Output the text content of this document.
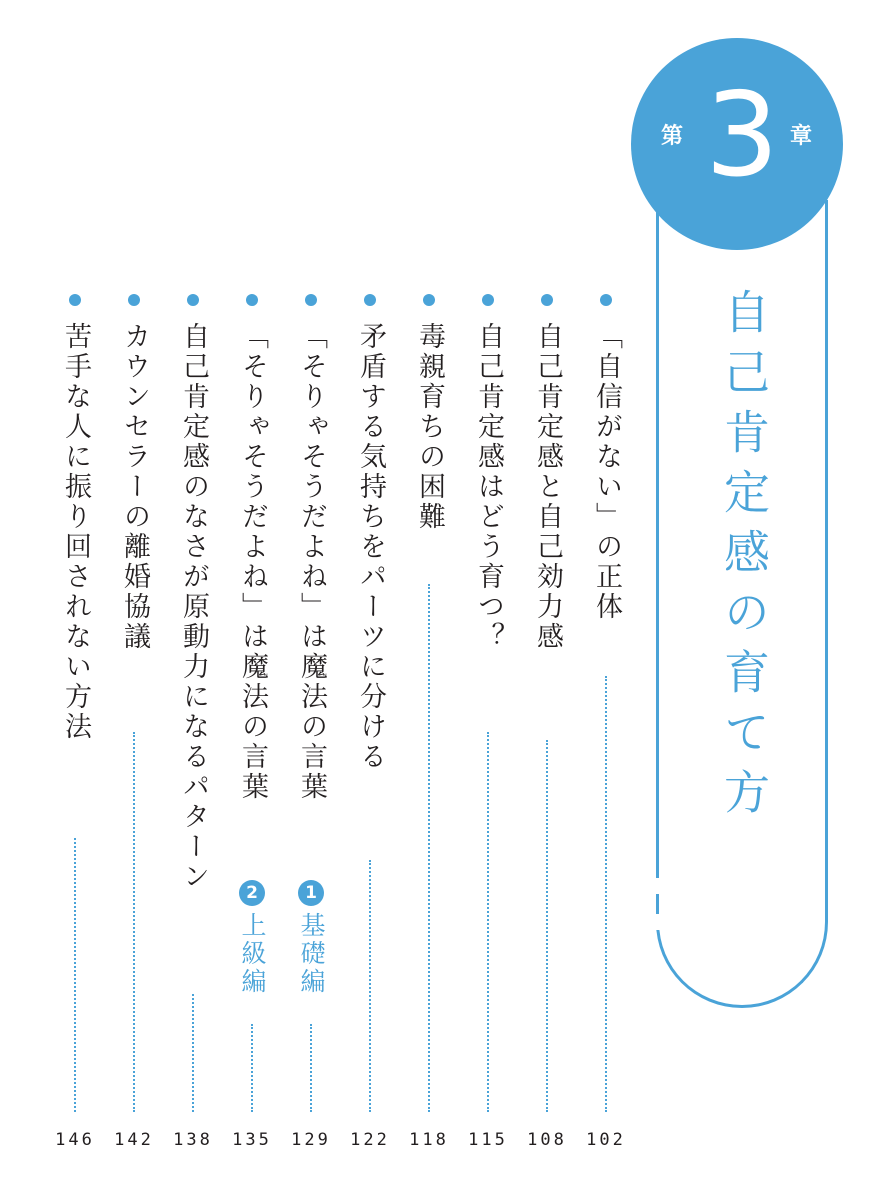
第 3 章
自己肯定感の育て方
「自信がない」の正体
102
自己肯定感と自己効力感
108
自己肯定感はどう育つ？
115
毒親育ちの困難
118
矛盾する気持ちをパーツに分ける
122
「そりゃそうだよね」は魔法の言葉
1
基礎編
129
「そりゃそうだよね」は魔法の言葉
2
上級編
135
自己肯定感のなさが原動力になるパターン
138
カウンセラーの離婚協議
142
苦手な人に振り回されない方法
146
